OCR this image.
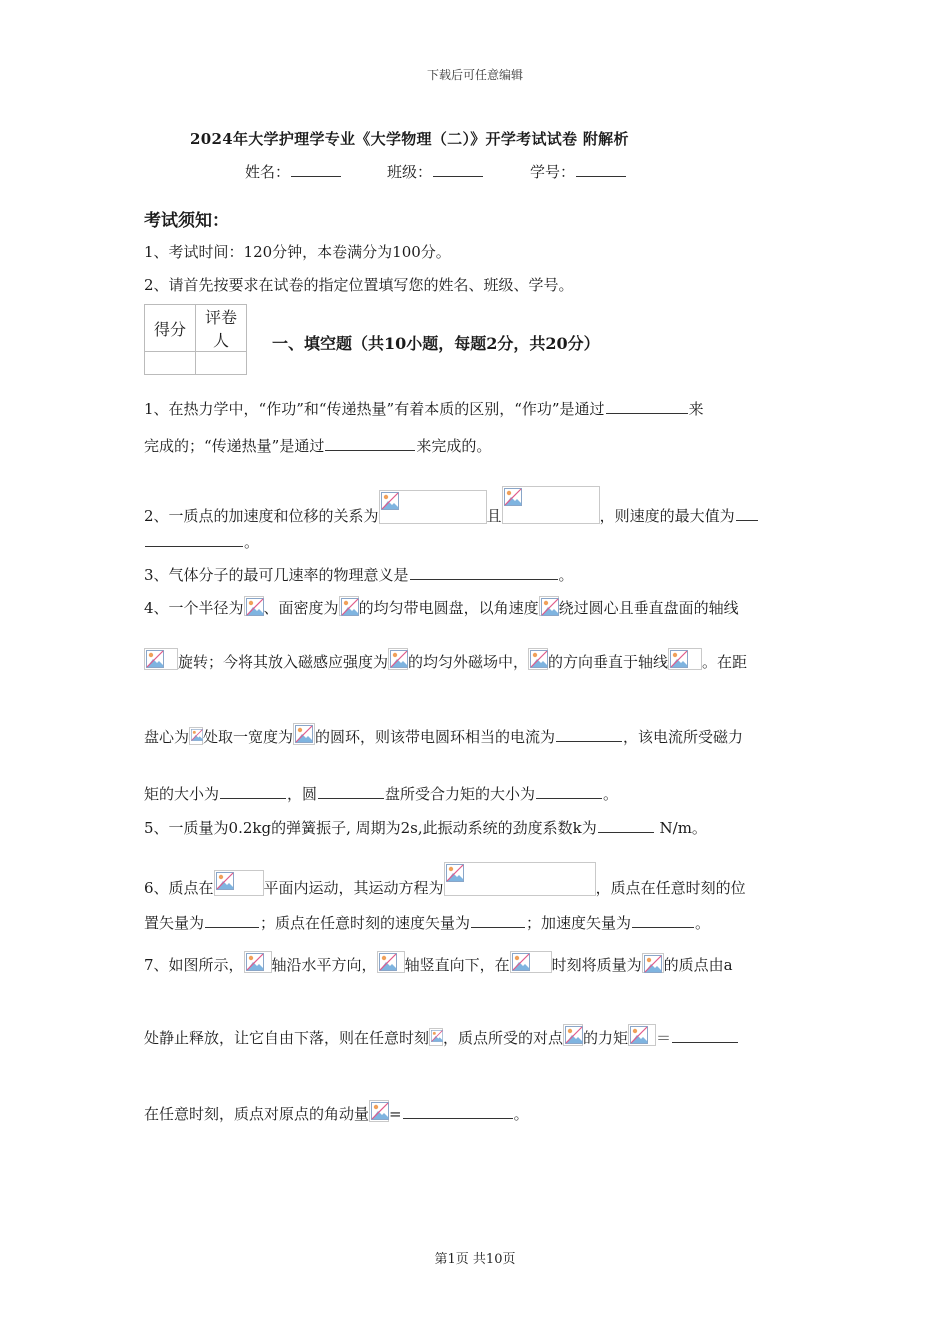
下载后可任意编辑
2024年大学护理学专业《大学物理（二）》开学考试试卷 附解析
姓名：	班级：	学号：
考试须知：
1、考试时间：120分钟，本卷满分为100分。
2、请首先按要求在试卷的指定位置填写您的姓名、班级、学号。
得分	评卷人
		一、填空题（共10小题，每题2分，共20分）
1、在热力学中，“作功”和“传递热量”有着本质的区别，“作功”是通过	来
完成的；“传递热量”是通过	来完成的。
2、一质点的加速度和位移的关系为	且	，则速度的最大值为
。
3、气体分子的最可几速率的物理意义是	。
4、一个半径为 、面密度为 的均匀带电圆盘，以角速度 绕过圆心且垂直盘面的轴线
旋转；今将其放入磁感应强度为 的均匀外磁场中， 的方向垂直于轴线 。在距
盘心为 处取一宽度为 的圆环，则该带电圆环相当的电流为	，该电流所受磁力
矩的大小为	，圆	盘所受合力矩的大小为	。
5、一质量为0.2kg的弹簧振子, 周期为2s,此振动系统的劲度系数k为	N/m。
6、质点在	平面内运动，其运动方程为	，质点在任意时刻的位
置矢量为	；质点在任意时刻的速度矢量为	；加速度矢量为	。
7、如图所示， 轴沿水平方向， 轴竖直向下，在	时刻将质量为 的质点由a
处静止释放，让它自由下落，则在任意时刻 ，质点所受的对点 的力矩 ＝
在任意时刻，质点对原点的角动量 =	。
第1页 共10页
